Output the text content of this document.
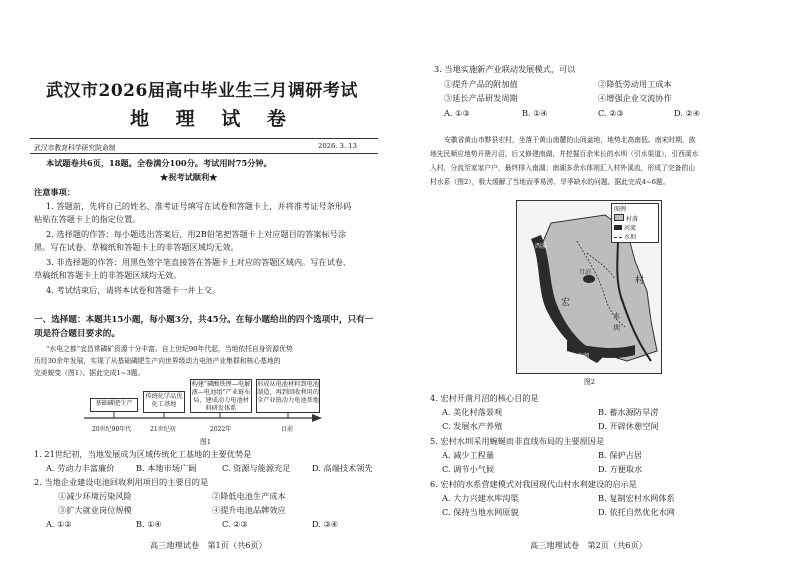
武汉市2026届高中毕业生三月调研考试
地 理 试 卷
武汉市教育科学研究院命制	2026. 3. 13
本试题卷共6页，18题。全卷满分100分。考试用时75分钟。
★祝考试顺利★
注意事项：
1. 答题前，先将自己的姓名、准考证号填写在试卷和答题卡上，并将准考证号条形码
粘贴在答题卡上的指定位置。
2. 选择题的作答：每小题选出答案后，用2B铅笔把答题卡上对应题目的答案标号涂
黑。写在试卷、草稿纸和答题卡上的非答题区域均无效。
3. 非选择题的作答：用黑色签字笔直接答在答题卡上对应的答题区域内。写在试卷、
草稿纸和答题卡上的非答题区域均无效。
4. 考试结束后，请将本试卷和答题卡一并上交。
一、选择题：本题共15小题，每小题3分，共45分。在每小题给出的四个选项中，只有一
项是符合题目要求的。
“水电之都”宜昌常磷矿资源十分丰富。自上世纪90年代起，当地依托自身资源优势
历经30余年发展，实现了从基础磷肥生产向世界级动力电池产业集群和核心基地的
完美蜕变（图1）。据此完成1~3题。
基础磷肥生产
传统化学品优化工基地
构建“磷酸铁锂—电解液—电池组”产业链布局，建成动力电池材料研发体系
形成从电池材料到电池制造，再到回收利用的全产业链动力电池基地
20世纪90年代	21世纪初	2022年	目前
图1
1. 21世纪初，当地发展成为区域传统化工基地的主要优势是
A. 劳动力丰富廉价	B. 本地市场广阔	C. 资源与能源充足	D. 高端技术领先
2. 当地企业建设电池回收利用项目的主要目的是
①减少环境污染风险	②降低电池生产成本
③扩大就业岗位规模	④提升电池品牌效应
A. ①②	B. ①④	C. ②③	D. ③④
高三地理试卷　第1页（共6页）
3. 当地实施新产业联动发展模式，可以
①提升产品的附加值	②降低劳动用工成本
③延长产品研发周期	④增强企业交流协作
A. ①③	B. ①④	C. ②③	D. ②④
安徽省黄山市黟县宏村，坐落于黄山南麓的山间盆地，地势北高南低。南宋时期，族
地先民顺应地势开凿月沼，后又修建南湖，并挖掘百余米长的水圳（引水渠道），引西溪水
入村，分流至家家户户，最终排入南湖；南湖多余水体则汇入村外溪流，形成了完备的山
村水系（图2），极大缓解了当地而季易涝、旱季缺水的问题。据此完成4~6题。
图例
村落
河流
水圳
宏
村
南湖
月沼
西溪
水
圳
图2
4. 宏村开凿月沼的核心目的是
A. 美化村落景观	B. 蓄水源防旱涝
C. 发展水产养殖	D. 开辟休憩空间
5. 宏村水圳采用蜿蜒而非直线布局的主要原因是
A. 减少工程量	B. 保护占居
C. 调节小气候	D. 方便取水
6. 宏村的水系营建模式对我国现代山村水利建设的启示是
A. 大力兴建水库沟渠	B. 复制宏村水网体系
C. 保持当地水网原貌	D. 依托自然优化水网
高三地理试卷　第2页（共6页）
